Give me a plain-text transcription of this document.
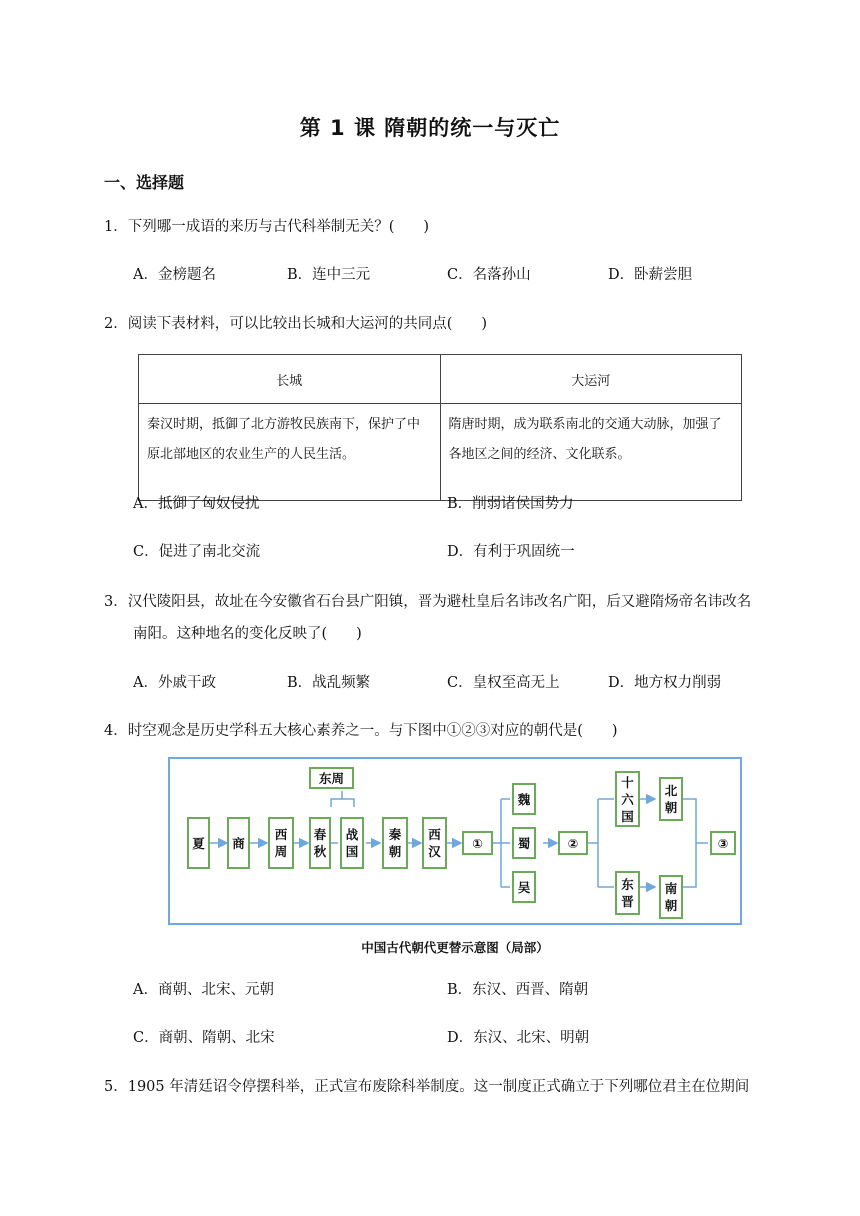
第 1 课 隋朝的统一与灭亡
一、选择题
1．下列哪一成语的来历与古代科举制无关？(　　)
A．金榜题名	B．连中三元	C．名落孙山	D．卧薪尝胆
2．阅读下表材料，可以比较出长城和大运河的共同点(　　)
长城	大运河
秦汉时期，抵御了北方游牧民族南下，保护了中原北部地区的农业生产的人民生活。	隋唐时期，成为联系南北的交通大动脉，加强了各地区之间的经济、文化联系。
A．抵御了匈奴侵扰	B．削弱诸侯国势力
C．促进了南北交流	D．有利于巩固统一
3．汉代陵阳县，故址在今安徽省石台县广阳镇，晋为避杜皇后名讳改名广阳，后又避隋炀帝名讳改名
南阳。这种地名的变化反映了(　　)
A．外戚干政	B．战乱频繁	C．皇权至高无上	D．地方权力削弱
4．时空观念是历史学科五大核心素养之一。与下图中①②③对应的朝代是(　　)
夏	商
西
周
东周
春
秋
战
国
秦
朝
西
汉
①
魏
蜀
吴
②
十
六
国
东
晋
北
朝
南
朝
③
中国古代朝代更替示意图（局部）
A．商朝、北宋、元朝	B．东汉、西晋、隋朝
C．商朝、隋朝、北宋	D．东汉、北宋、明朝
5．1905 年清廷诏令停摆科举，正式宣布废除科举制度。这一制度正式确立于下列哪位君主在位期间
